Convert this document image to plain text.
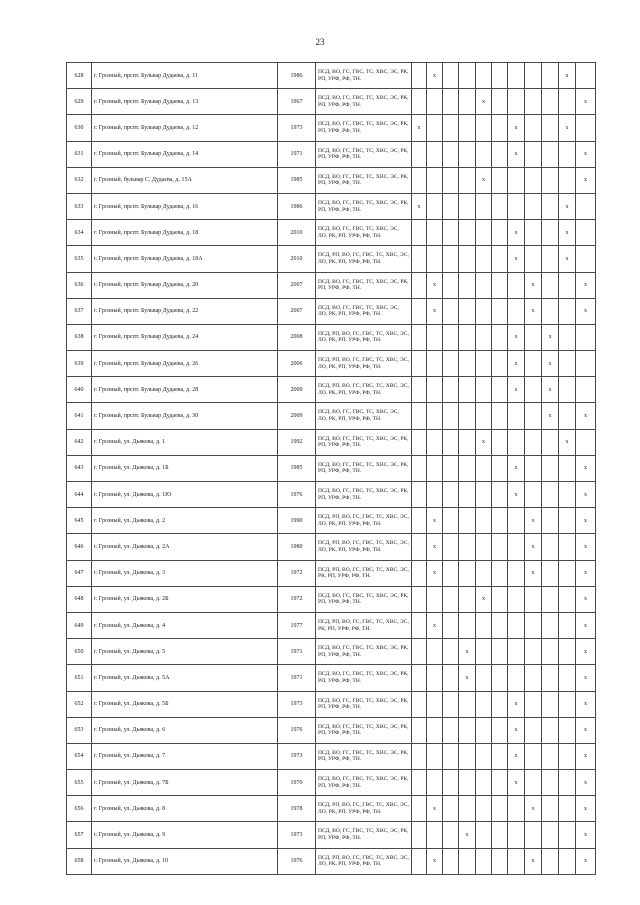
23
628	г. Грозный, прспт. Бульвар Дудаева, д. 11	1986	ПСД, ВО, ГС, ГВС, ТС, ХВС, ЭС, РК, РП, УРФ, РФ, ТН.		x								x	
629	г. Грозный, прспт. Бульвар Дудаева, д. 13	1967	ПСД, ВО, ГС, ГВС, ТС, ХВС, ЭС, РК, РП, УРФ, РФ, ТН.					x						x
630	г. Грозный, прспт. Бульвар Дудаева, д. 12	1973	ПСД, ВО, ГС, ГВС, ТС, ХВС, ЭС, РК, РП, УРФ, РФ, ТН.	x						x			x	
631	г. Грозный, прспт. Бульвар Дудаева, д. 14	1971	ПСД, ВО, ГС, ГВС, ТС, ХВС, ЭС, РК, РП, УРФ, РФ, ТН.							x				x
632	г. Грозный, бульвар С. Дудаева, д. 15А	1985	ПСД, ВО, ГС, ГВС, ТС, ХВС, ЭС, РК, РП, УРФ, РФ, ТН.					x						x
633	г. Грозный, прспт. Бульвар Дудаева, д. 16	1986	ПСД, ВО, ГС, ГВС, ТС, ХВС, ЭС, РК, РП, УРФ, РФ, ТН.	x									x	
634	г. Грозный, прспт. Бульвар Дудаева, д. 18	2010	ПСД, ВО, ГС, ГВС, ТС, ХВС, ЭС, ЛО, РК, РП, УРФ, РФ, ТН.							x			x	
635	г. Грозный, прспт. Бульвар Дудаева, д. 18А	2010	ПСД, РП, ВО, ГС, ГВС, ТС, ХВС, ЭС, ЛО, РК, РП, УРФ, РФ, ТН.							x			x	
636	г. Грозный, прспт. Бульвар Дудаева, д. 20	2007	ПСД, ВО, ГС, ГВС, ТС, ХВС, ЭС, РК, РП, УРФ, РФ, ТН.		x						x			x
637	г. Грозный, прспт. Бульвар Дудаева, д. 22	2007	ПСД, ВО, ГС, ГВС, ТС, ХВС, ЭС, ЛО, РК, РП, УРФ, РФ, ТН.		x						x			x
638	г. Грозный, прспт. Бульвар Дудаева, д. 24	2008	ПСД, РП, ВО, ГС, ГВС, ТС, ХВС, ЭС, ЛО, РК, РП, УРФ, РФ, ТН.							x		x		
639	г. Грозный, прспт. Бульвар Дудаева, д. 26	2006	ПСД, РП, ВО, ГС, ГВС, ТС, ХВС, ЭС, ЛО, РК, РП, УРФ, РФ, ТН.							x		x		
640	г. Грозный, прспт. Бульвар Дудаева, д. 28	2009	ПСД, РП, ВО, ГС, ГВС, ТС, ХВС, ЭС, ЛО, РК, РП, УРФ, РФ, ТН.							x		x		
641	г. Грозный, прспт. Бульвар Дудаева, д. 30	2009	ПСД, ВО, ГС, ГВС, ТС, ХВС, ЭС, ЛО, РК, РП, УРФ, РФ, ТН.									x		x
642	г. Грозный, ул. Дьякова, д. 1	1992	ПСД, ВО, ГС, ГВС, ТС, ХВС, ЭС, РК, РП, УРФ, РФ, ТН.					x					x	
643	г. Грозный, ул. Дьякова, д. 1Б	1985	ПСД, ВО, ГС, ГВС, ТС, ХВС, ЭС, РК, РП, УРФ, РФ, ТН.							x				x
644	г. Грозный, ул. Дьякова, д. 1Ю	1976	ПСД, ВО, ГС, ГВС, ТС, ХВС, ЭС, РК, РП, УРФ, РФ, ТН.							x				x
645	г. Грозный, ул. Дьякова, д. 2	1990	ПСД, РП, ВО, ГС, ГВС, ТС, ХВС, ЭС, ЛО, РК, РП, УРФ, РФ, ТН.		x						x			x
646	г. Грозный, ул. Дьякова, д. 2А	1980	ПСД, РП, ВО, ГС, ГВС, ТС, ХВС, ЭС, ЛО, РК, РП, УРФ, РФ, ТН.		x						x			x
647	г. Грозный, ул. Дьякова, д. 3	1972	ПСД, РП, ВО, ГС, ГВС, ТС, ХВС, ЭС, РК, РП, УРФ, РФ, ТН.		x						x			x
648	г. Грозный, ул. Дьякова, д. 2Б	1972	ПСД, ВО, ГС, ГВС, ТС, ХВС, ЭС, РК, РП, УРФ, РФ, ТН.					x						x
649	г. Грозный, ул. Дьякова, д. 4	1977	ПСД, РП, ВО, ГС, ГВС, ТС, ХВС, ЭС, РК, РП, УРФ, РФ, ТН.		x									x
650	г. Грозный, ул. Дьякова, д. 5	1971	ПСД, ВО, ГС, ГВС, ТС, ХВС, ЭС, РК, РП, УРФ, РФ, ТН.				x							x
651	г. Грозный, ул. Дьякова, д. 5А	1971	ПСД, ВО, ГС, ГВС, ТС, ХВС, ЭС, РК, РП, УРФ, РФ, ТН.				x							x
652	г. Грозный, ул. Дьякова, д. 5Б	1973	ПСД, ВО, ГС, ГВС, ТС, ХВС, ЭС, РК, РП, УРФ, РФ, ТН.							x				x
653	г. Грозный, ул. Дьякова, д. 6	1976	ПСД, ВО, ГС, ГВС, ТС, ХВС, ЭС, РК, РП, УРФ, РФ, ТН.							x				x
654	г. Грозный, ул. Дьякова, д. 7	1973	ПСД, ВО, ГС, ГВС, ТС, ХВС, ЭС, РК, РП, УРФ, РФ, ТН.							x				x
655	г. Грозный, ул. Дьякова, д. 7Б	1970	ПСД, ВО, ГС, ГВС, ТС, ХВС, ЭС, РК, РП, УРФ, РФ, ТН.							x				x
656	г. Грозный, ул. Дьякова, д. 8	1978	ПСД, РП, ВО, ГС, ГВС, ТС, ХВС, ЭС, ЛО, РК, РП, УРФ, РФ, ТН.		x						x			x
657	г. Грозный, ул. Дьякова, д. 9	1973	ПСД, ВО, ГС, ГВС, ТС, ХВС, ЭС, РК, РП, УРФ, РФ, ТН.				x							x
658	г. Грозный, ул. Дьякова, д. 10	1976	ПСД, РП, ВО, ГС, ГВС, ТС, ХВС, ЭС, ЛО, РК, РП, УРФ, РФ, ТН.		x						x			x
